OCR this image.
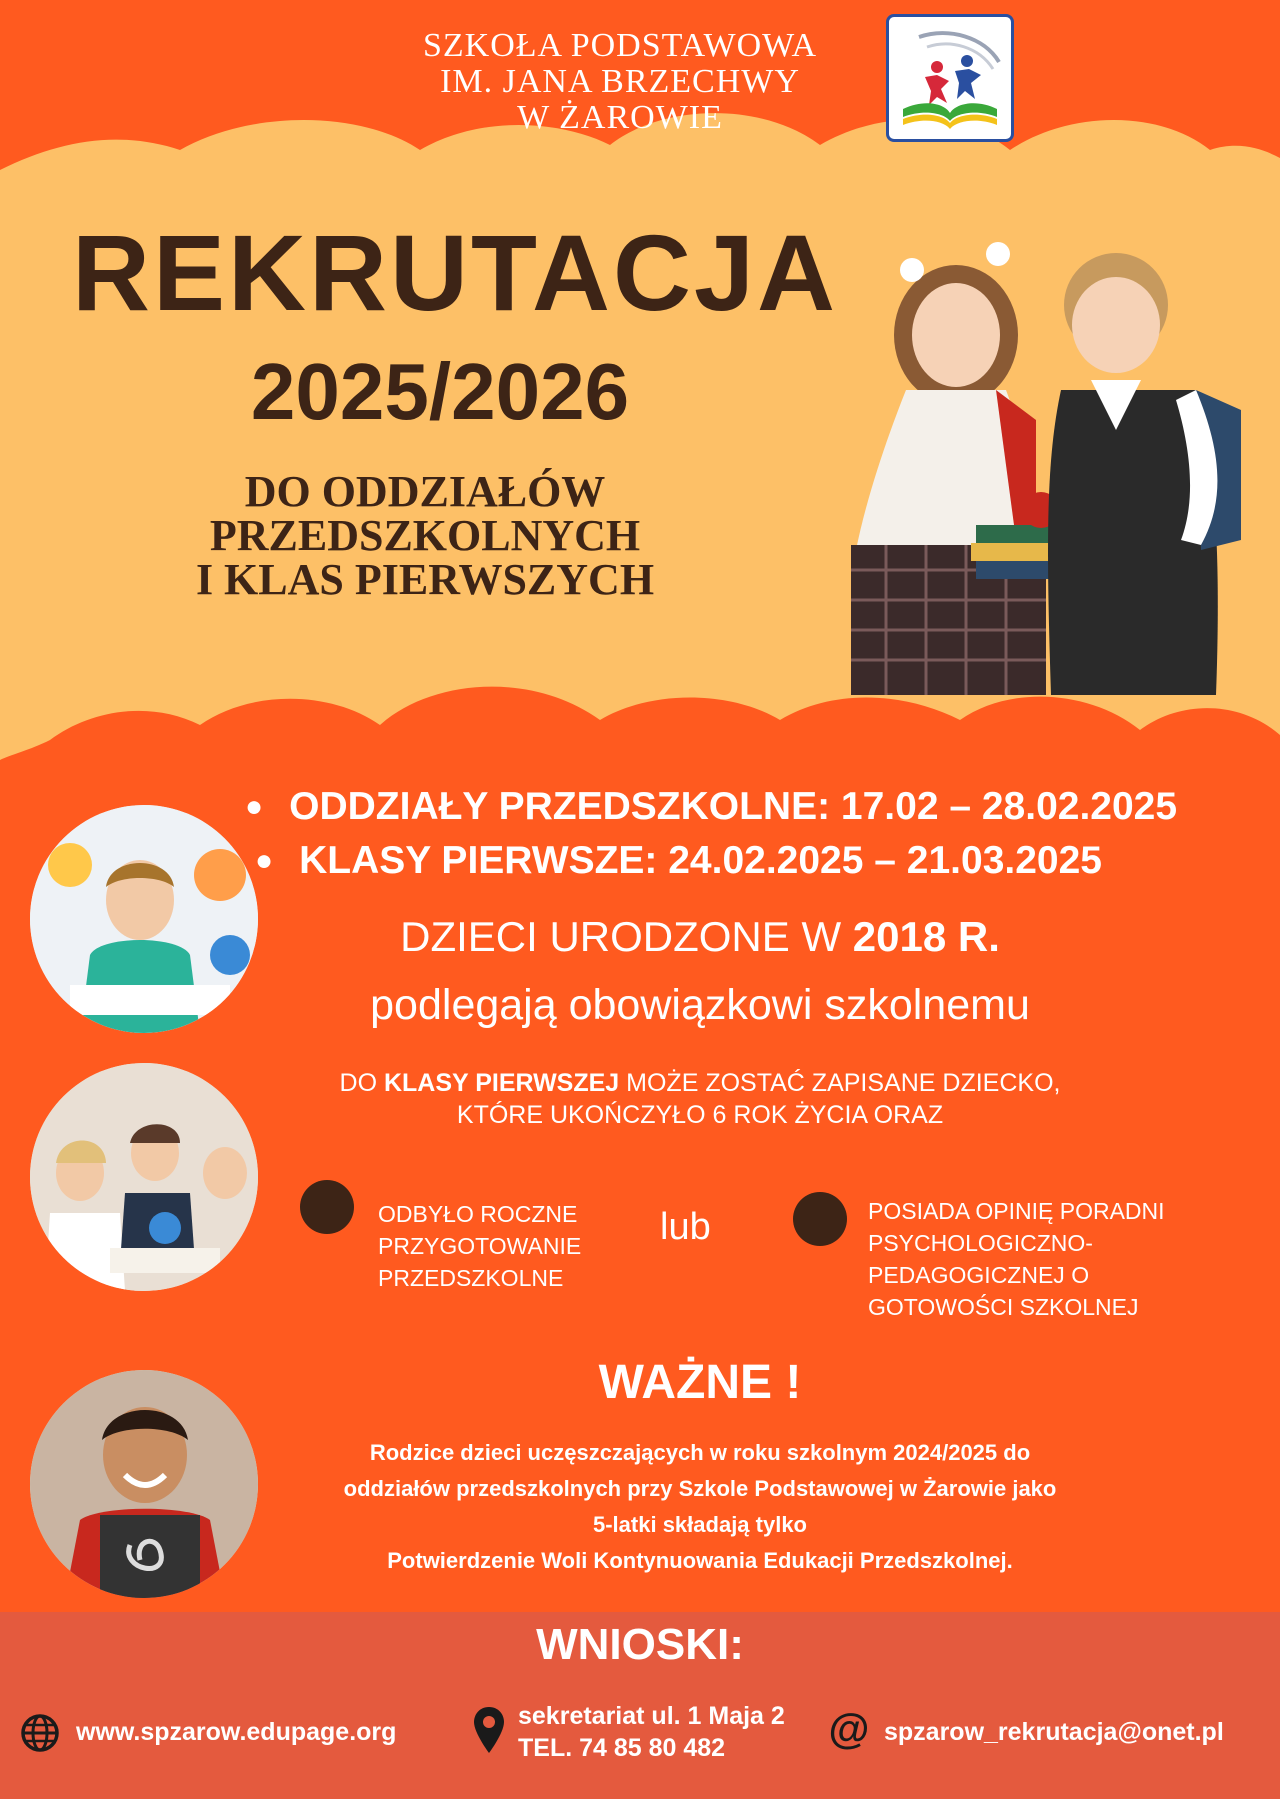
SZKOŁA PODSTAWOWA
IM. JANA BRZECHWY
W ŻAROWIE
REKRUTACJA
2025/2026
DO ODDZIAŁÓW
PRZEDSZKOLNYCH
I KLAS PIERWSZYCH
● ODDZIAŁY PRZEDSZKOLNE: 17.02 – 28.02.2025
● KLASY PIERWSZE: 24.02.2025 – 21.03.2025
DZIECI URODZONE W 2018 R.
podlegają obowiązkowi szkolnemu
DO KLASY PIERWSZEJ MOŻE ZOSTAĆ ZAPISANE DZIECKO,
KTÓRE UKOŃCZYŁO 6 ROK ŻYCIA ORAZ
ODBYŁO ROCZNE
PRZYGOTOWANIE
PRZEDSZKOLNE
lub	POSIADA OPINIĘ PORADNI
PSYCHOLOGICZNO-
PEDAGOGICZNEJ O
GOTOWOŚCI SZKOLNEJ
WAŻNE !
Rodzice dzieci uczęszczających w roku szkolnym 2024/2025 do
oddziałów przedszkolnych przy Szkole Podstawowej w Żarowie jako
5-latki składają tylko
Potwierdzenie Woli Kontynuowania Edukacji Przedszkolnej.
WNIOSKI:
www.spzarow.edupage.org
sekretariat ul. 1 Maja 2
TEL. 74 85 80 482	@ spzarow_rekrutacja@onet.pl
